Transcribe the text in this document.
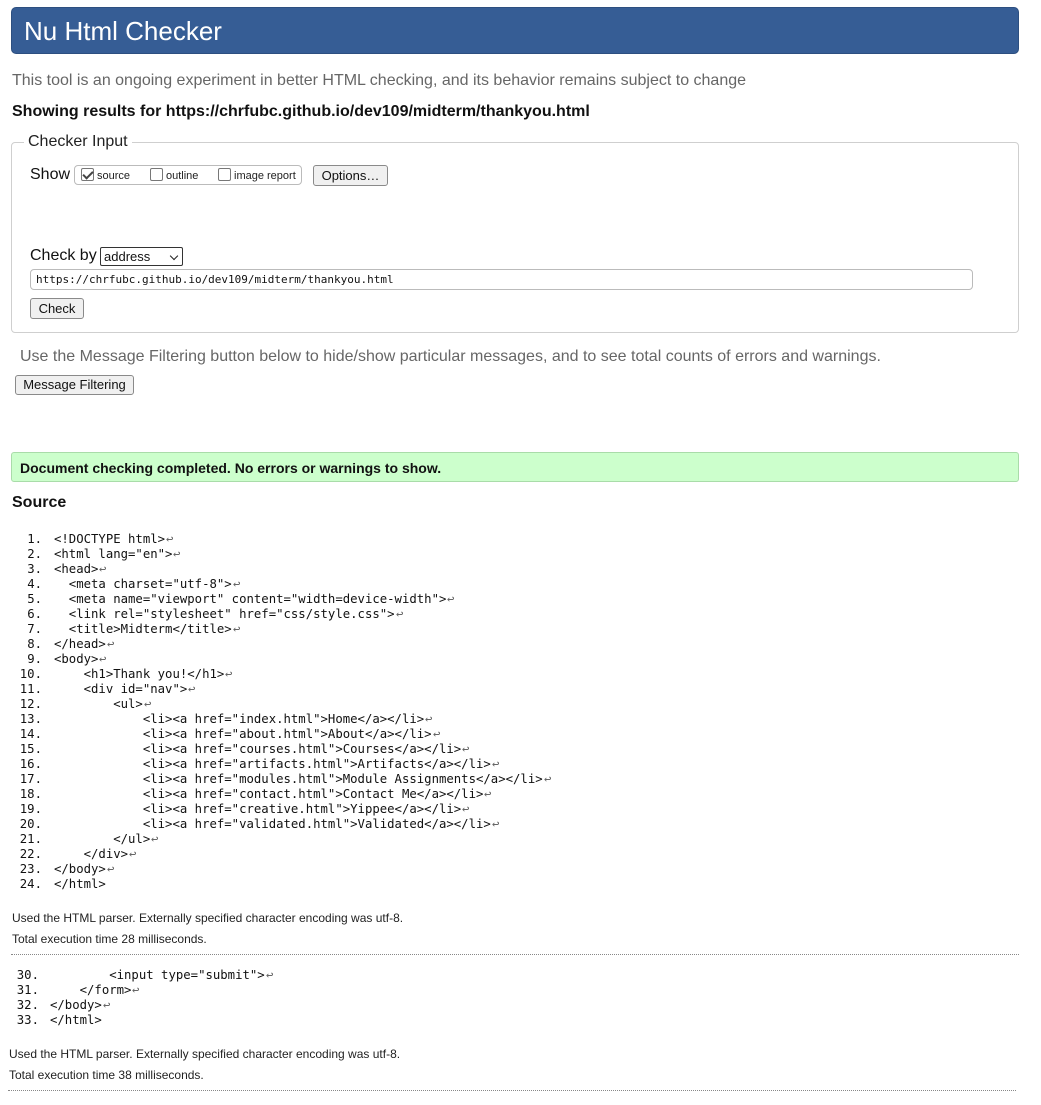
Nu Html Checker
This tool is an ongoing experiment in better HTML checking, and its behavior remains subject to change
Showing results for https://chrfubc.github.io/dev109/midterm/thankyou.html
Checker Input
Show source	outline	image report	Options…
Check by address
https://chrfubc.github.io/dev109/midterm/thankyou.html
Check
Use the Message Filtering button below to hide/show particular messages, and to see total counts of errors and warnings.
Message Filtering
Document checking completed. No errors or warnings to show.
Source
1. <!DOCTYPE html> ↩
2. <html lang="en"> ↩
3. <head> ↩
4. <meta charset="utf-8"> ↩
5. <meta name="viewport" content="width=device-width"> ↩
6. <link rel="stylesheet" href="css/style.css"> ↩
7. <title>Midterm</title> ↩
8. </head> ↩
9. <body> ↩
10. <h1>Thank you!</h1> ↩
11. <div id="nav"> ↩
12. <ul> ↩
13. <li><a href="index.html">Home</a></li> ↩
14. <li><a href="about.html">About</a></li> ↩
15. <li><a href="courses.html">Courses</a></li> ↩
16. <li><a href="artifacts.html">Artifacts</a></li> ↩
17. <li><a href="modules.html">Module Assignments</a></li> ↩
18. <li><a href="contact.html">Contact Me</a></li> ↩
19. <li><a href="creative.html">Yippee</a></li> ↩
20. <li><a href="validated.html">Validated</a></li> ↩
21. </ul> ↩
22. </div> ↩
23. </body> ↩
24. </html>
Used the HTML parser. Externally specified character encoding was utf-8.
Total execution time 28 milliseconds.
30. <input type="submit"> ↩
31. </form> ↩
32. </body> ↩
33. </html>
Used the HTML parser. Externally specified character encoding was utf-8.
Total execution time 38 milliseconds.
